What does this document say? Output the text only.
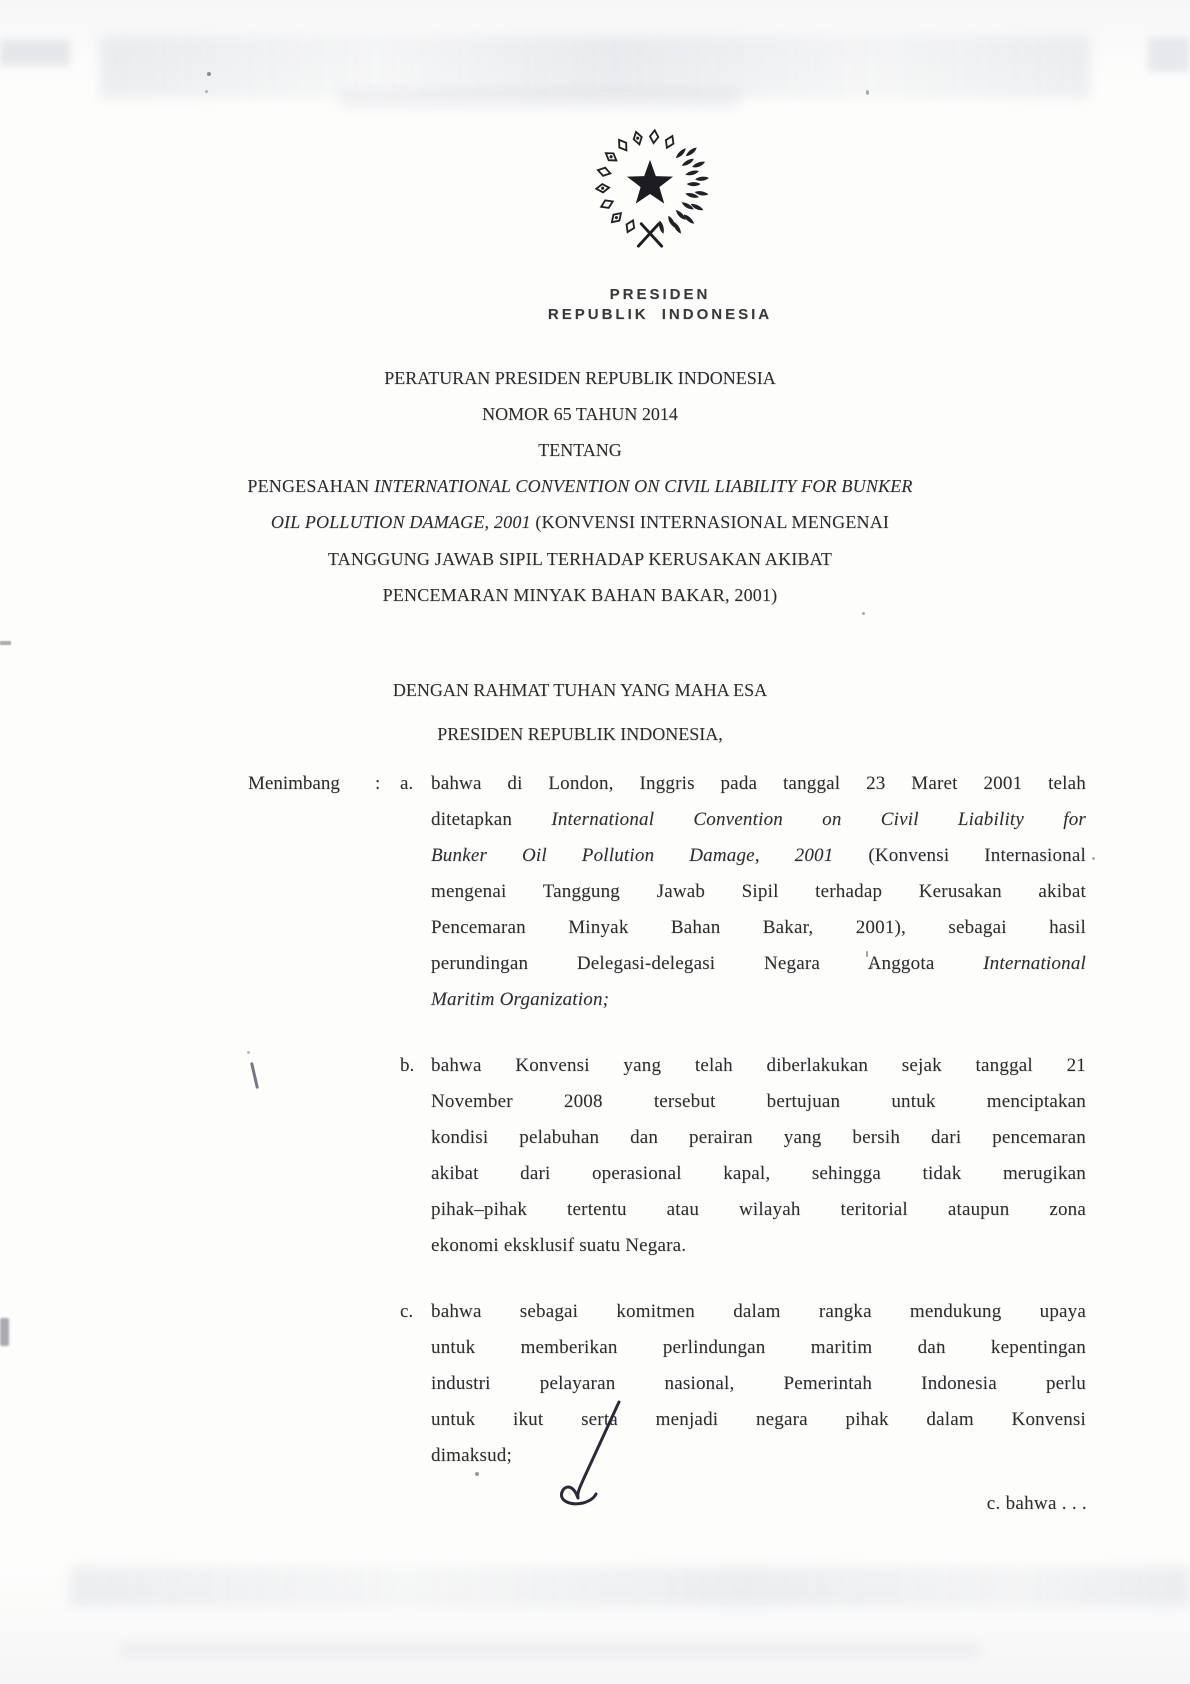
PRESIDEN
REPUBLIK INDONESIA
PERATURAN PRESIDEN REPUBLIK INDONESIA
NOMOR 65 TAHUN 2014
TENTANG
PENGESAHAN INTERNATIONAL CONVENTION ON CIVIL LIABILITY FOR BUNKER
OIL POLLUTION DAMAGE, 2001 (KONVENSI INTERNASIONAL MENGENAI
TANGGUNG JAWAB SIPIL TERHADAP KERUSAKAN AKIBAT
PENCEMARAN MINYAK BAHAN BAKAR, 2001)
DENGAN RAHMAT TUHAN YANG MAHA ESA
PRESIDEN REPUBLIK INDONESIA,
Menimbang	:	a. bahwa di London, Inggris pada tanggal 23 Maret 2001 telah
ditetapkan International Convention on Civil Liability for
Bunker Oil Pollution Damage, 2001 (Konvensi Internasional
mengenai Tanggung Jawab Sipil terhadap Kerusakan akibat
Pencemaran Minyak Bahan Bakar, 2001), sebagai hasil
perundingan Delegasi-delegasi Negara Anggota International
Maritim Organization;
b. bahwa Konvensi yang telah diberlakukan sejak tanggal 21
November 2008 tersebut bertujuan untuk menciptakan
kondisi pelabuhan dan perairan yang bersih dari pencemaran
akibat dari operasional kapal, sehingga tidak merugikan
pihak–pihak tertentu atau wilayah teritorial ataupun zona
ekonomi eksklusif suatu Negara.
c. bahwa sebagai komitmen dalam rangka mendukung upaya
untuk memberikan perlindungan maritim dan kepentingan
industri pelayaran nasional, Pemerintah Indonesia perlu
untuk ikut serta menjadi negara pihak dalam Konvensi
dimaksud;
c. bahwa . . .
